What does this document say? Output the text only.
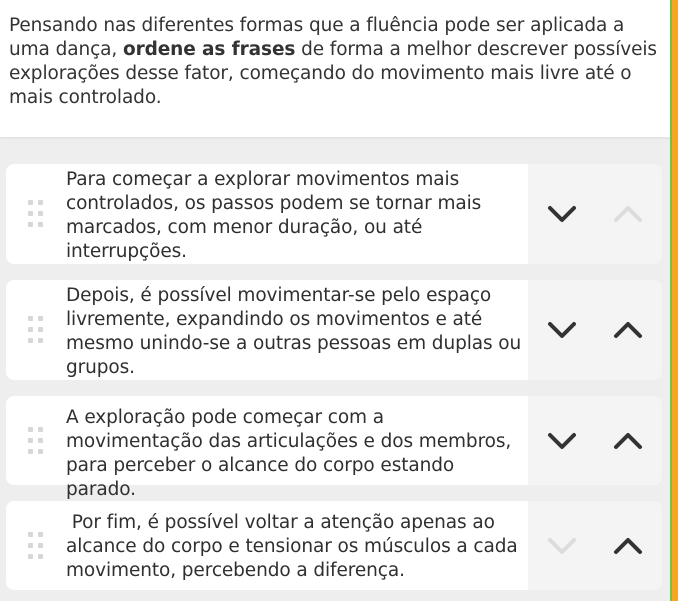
Pensando nas diferentes formas que a fluência pode ser aplicada a uma dança, ordene as frases de forma a melhor descrever possíveis explorações desse fator, começando do movimento mais livre até o mais controlado.

Para começar a explorar movimentos mais controlados, os passos podem se tornar mais marcados, com menor duração, ou até interrupções.
Depois, é possível movimentar-se pelo espaço livremente, expandindo os movimentos e até mesmo unindo-se a outras pessoas em duplas ou grupos.
A exploração pode começar com a movimentação das articulações e dos membros, para perceber o alcance do corpo estando parado.
Por fim, é possível voltar a atenção apenas ao alcance do corpo e tensionar os músculos a cada movimento, percebendo a diferença.
